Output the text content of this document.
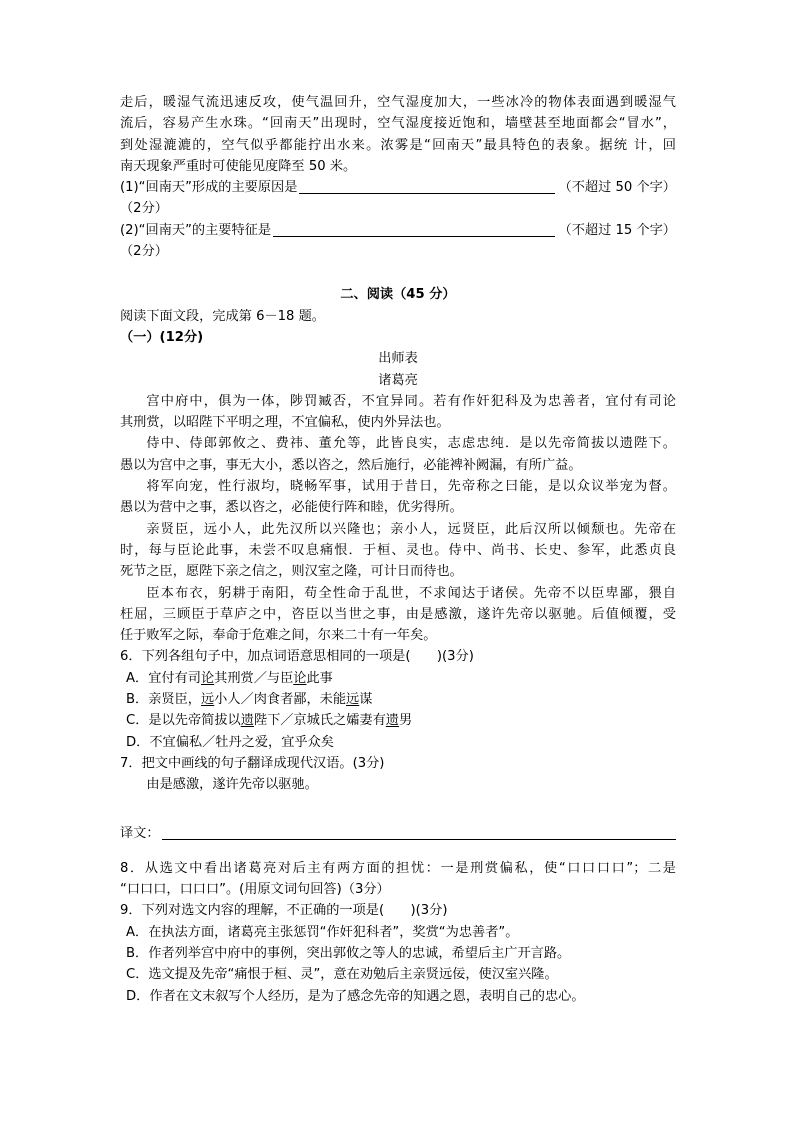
走后，暖湿气流迅速反攻，使气温回升，空气湿度加大，一些冰冷的物体表面遇到暖湿气

流后，容易产生水珠。“回南天”出现时，空气湿度接近饱和，墙壁甚至地面都会“冒水”，

到处湿漉漉的，空气似乎都能拧出水来。浓雾是“回南天”最具特色的表象。据统 计，回

南天现象严重时可使能见度降至 50 米。

(1)“回南天”形成的主要原因是	（不超过 50 个字）

（2分）

(2)“回南天”的主要特征是	（不超过 15 个字）

（2分）

二、阅读（45 分）

阅读下面文段，完成第 6－18 题。

（一）(12分)

出师表

诸葛亮

宫中府中，俱为一体，陟罚臧否，不宜异同。若有作奸犯科及为忠善者，宜付有司论

其刑赏，以昭陛下平明之理，不宜偏私，使内外异法也。

侍中、侍郎郭攸之、费祎、董允等，此皆良实，志虑忠纯．是以先帝简拔以遗陛下。

愚以为宫中之事，事无大小，悉以咨之，然后施行，必能裨补阙漏，有所广益。

将军向宠，性行淑均，晓畅军事，试用于昔日，先帝称之曰能，是以众议举宠为督。

愚以为营中之事，悉以咨之，必能使行阵和睦，优劣得所。

亲贤臣，远小人，此先汉所以兴隆也；亲小人，远贤臣，此后汉所以倾颓也。先帝在

时，每与臣论此事，未尝不叹息痛恨．于桓、灵也。侍中、尚书、长史、参军，此悉贞良

死节之臣，愿陛下亲之信之，则汉室之隆，可计日而待也。

臣本布衣，躬耕于南阳，苟全性命于乱世，不求闻达于诸侯。先帝不以臣卑鄙，猥自

枉屈，三顾臣于草庐之中，咨臣以当世之事，由是感激，遂许先帝以驱驰。后值倾覆，受

任于败军之际，奉命于危难之间，尔来二十有一年矣。

6．下列各组句子中，加点词语意思相同的一项是(　　)(3分)

A．宜付有司论其刑赏／与臣论此事

B．亲贤臣，远小人／肉食者鄙，未能远谋

C．是以先帝简拔以遗陛下／京城氏之孀妻有遗男

D．不宜偏私／牡丹之爱，宜乎众矣

7．把文中画线的句子翻译成现代汉语。(3分)

由是感激，遂许先帝以驱驰。

译文：

8．从选文中看出诸葛亮对后主有两方面的担忧：一是刑赏偏私，使“口口口口”；二是

“口口口，口口口”。(用原文词句回答)（3分）

9．下列对选文内容的理解，不正确的一项是(　　)(3分)

A．在执法方面，诸葛亮主张惩罚“作奸犯科者”，奖赏“为忠善者”。

B．作者列举宫中府中的事例，突出郭攸之等人的忠诚，希望后主广开言路。

C．选文提及先帝“痛恨于桓、灵”，意在劝勉后主亲贤远佞，使汉室兴隆。

D．作者在文末叙写个人经历，是为了感念先帝的知遇之恩，表明自己的忠心。
